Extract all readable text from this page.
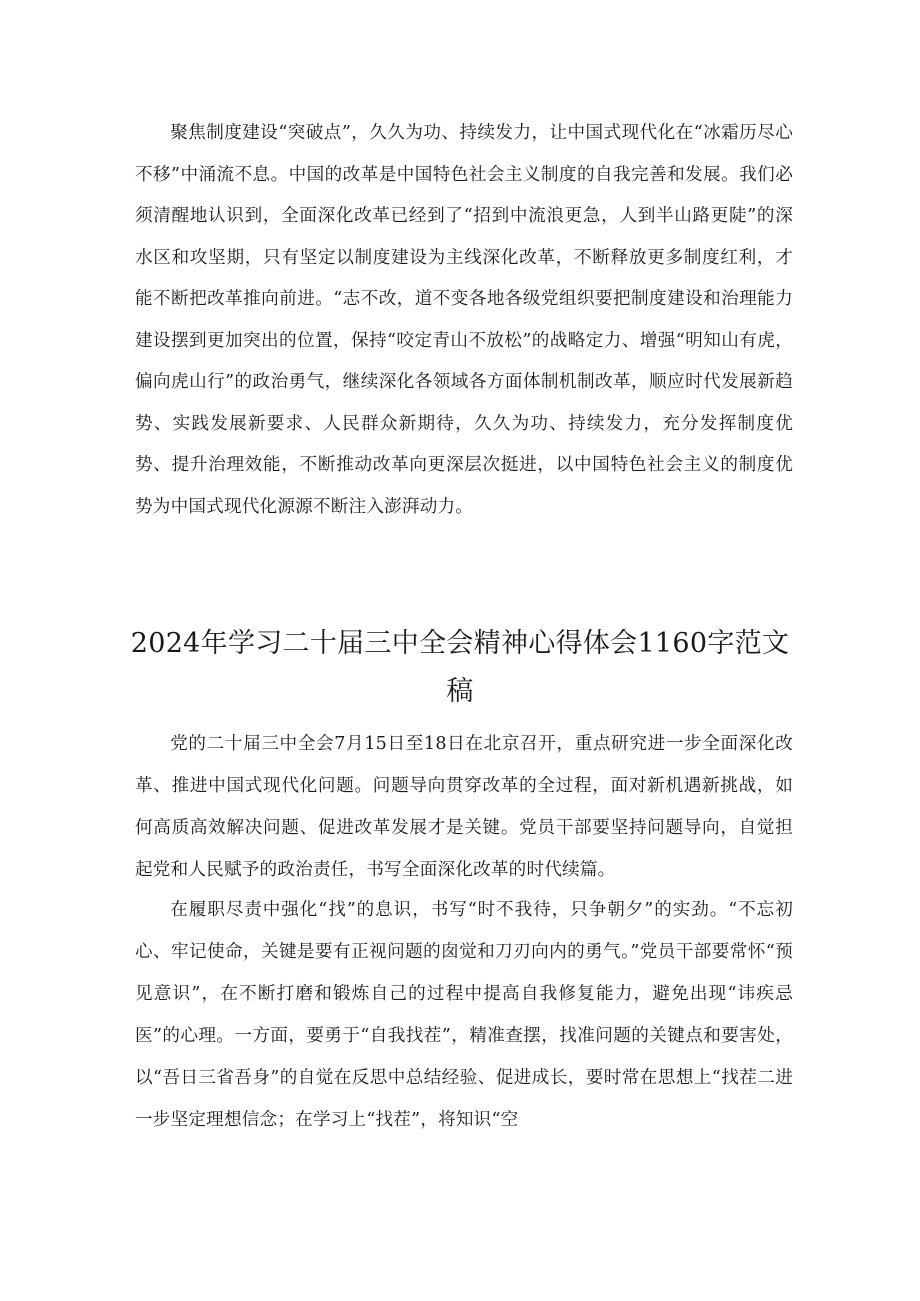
聚焦制度建设“突破点”，久久为功、持续发力，让中国式现代化在“冰霜历尽心不移”中涌流不息。中国的改革是中国特色社会主义制度的自我完善和发展。我们必须清醒地认识到，全面深化改革已经到了“招到中流浪更急，人到半山路更陡”的深水区和攻坚期，只有坚定以制度建设为主线深化改革，不断释放更多制度红利，才能不断把改革推向前进。“志不改，道不变各地各级党组织要把制度建设和治理能力建设摆到更加突出的位置，保持“咬定青山不放松”的战略定力、增强“明知山有虎，偏向虎山行”的政治勇气，继续深化各领域各方面体制机制改革，顺应时代发展新趋势、实践发展新要求、人民群众新期待，久久为功、持续发力，充分发挥制度优势、提升治理效能，不断推动改革向更深层次挺进，以中国特色社会主义的制度优势为中国式现代化源源不断注入澎湃动力。

2024年学习二十届三中全会精神心得体会1160字范文稿

党的二十届三中全会7月15日至18日在北京召开，重点研究进一步全面深化改革、推进中国式现代化问题。问题导向贯穿改革的全过程，面对新机遇新挑战，如何高质高效解决问题、促进改革发展才是关键。党员干部要坚持问题导向，自觉担起党和人民赋予的政治责任，书写全面深化改革的时代续篇。

在履职尽责中强化“找”的息识，书写“时不我待，只争朝夕”的实劲。“不忘初心、牢记使命，关键是要有正视问题的囱觉和刀刃向内的勇气。”党员干部要常怀“预见意识”，在不断打磨和锻炼自己的过程中提高自我修复能力，避免出现“讳疾忌医”的心理。一方面，要勇于“自我找茬”，精准查摆，找准问题的关键点和要害处，以“吾日三省吾身”的自觉在反思中总结经验、促进成长，要时常在思想上“找茬二进一步坚定理想信念；在学习上“找茬”，将知识“空
